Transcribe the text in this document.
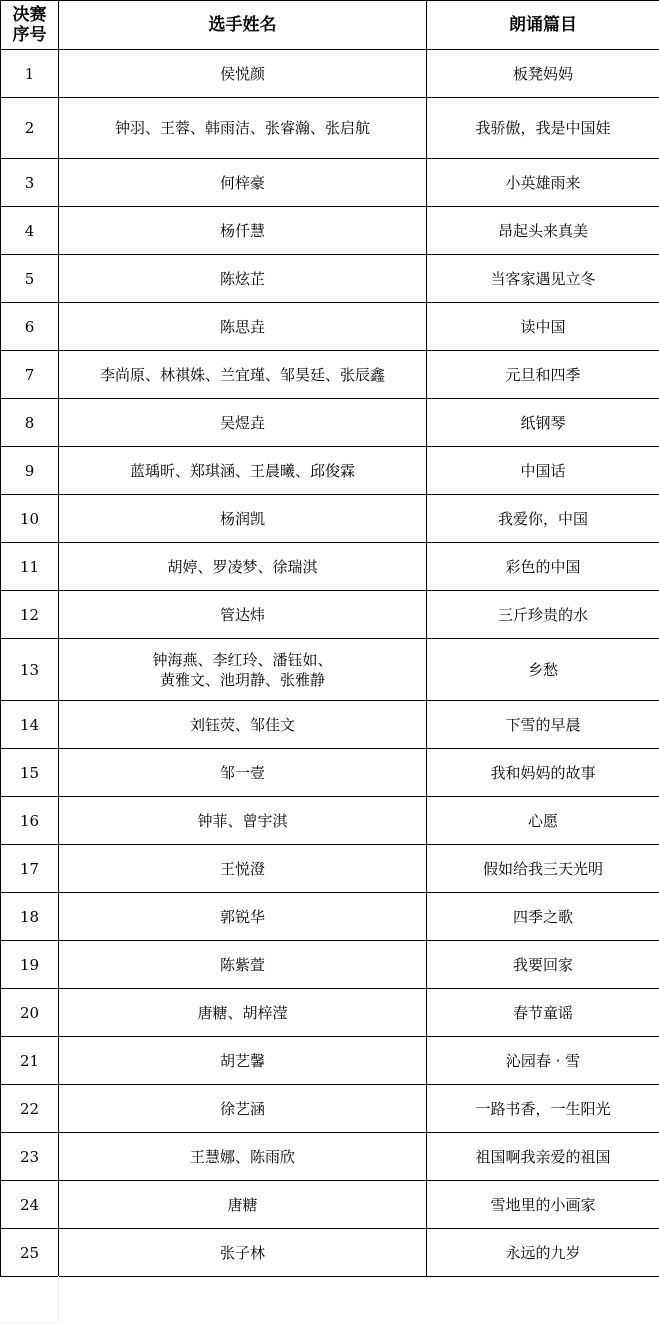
决赛
序号	选手姓名	朗诵篇目
1	侯悦颜	板凳妈妈
2	钟羽、王蓉、韩雨洁、张睿瀚、张启航	我骄傲，我是中国娃
3	何梓豪	小英雄雨来
4	杨仟慧	昂起头来真美
5	陈炫芷	当客家遇见立冬
6	陈思垚	读中国
7	李尚原、林祺姝、兰宜瑾、邹昊廷、张辰鑫	元旦和四季
8	吴煜垚	纸钢琴
9	蓝瑀昕、郑琪涵、王晨曦、邱俊霖	中国话
10	杨润凯	我爱你，中国
11	胡婷、罗凌梦、徐瑞淇	彩色的中国
12	管达炜	三斤珍贵的水
13	钟海燕、李红玲、潘钰如、
黄雅文、池玥静、张雅静	乡愁
14	刘钰荧、邹佳文	下雪的早晨
15	邹一壹	我和妈妈的故事
16	钟菲、曾宇淇	心愿
17	王悦澄	假如给我三天光明
18	郭锐华	四季之歌
19	陈紫萱	我要回家
20	唐糖、胡梓滢	春节童谣
21	胡艺馨	沁园春 · 雪
22	徐艺涵	一路书香，一生阳光
23	王慧娜、陈雨欣	祖国啊我亲爱的祖国
24	唐糖	雪地里的小画家
25	张子林	永远的九岁
